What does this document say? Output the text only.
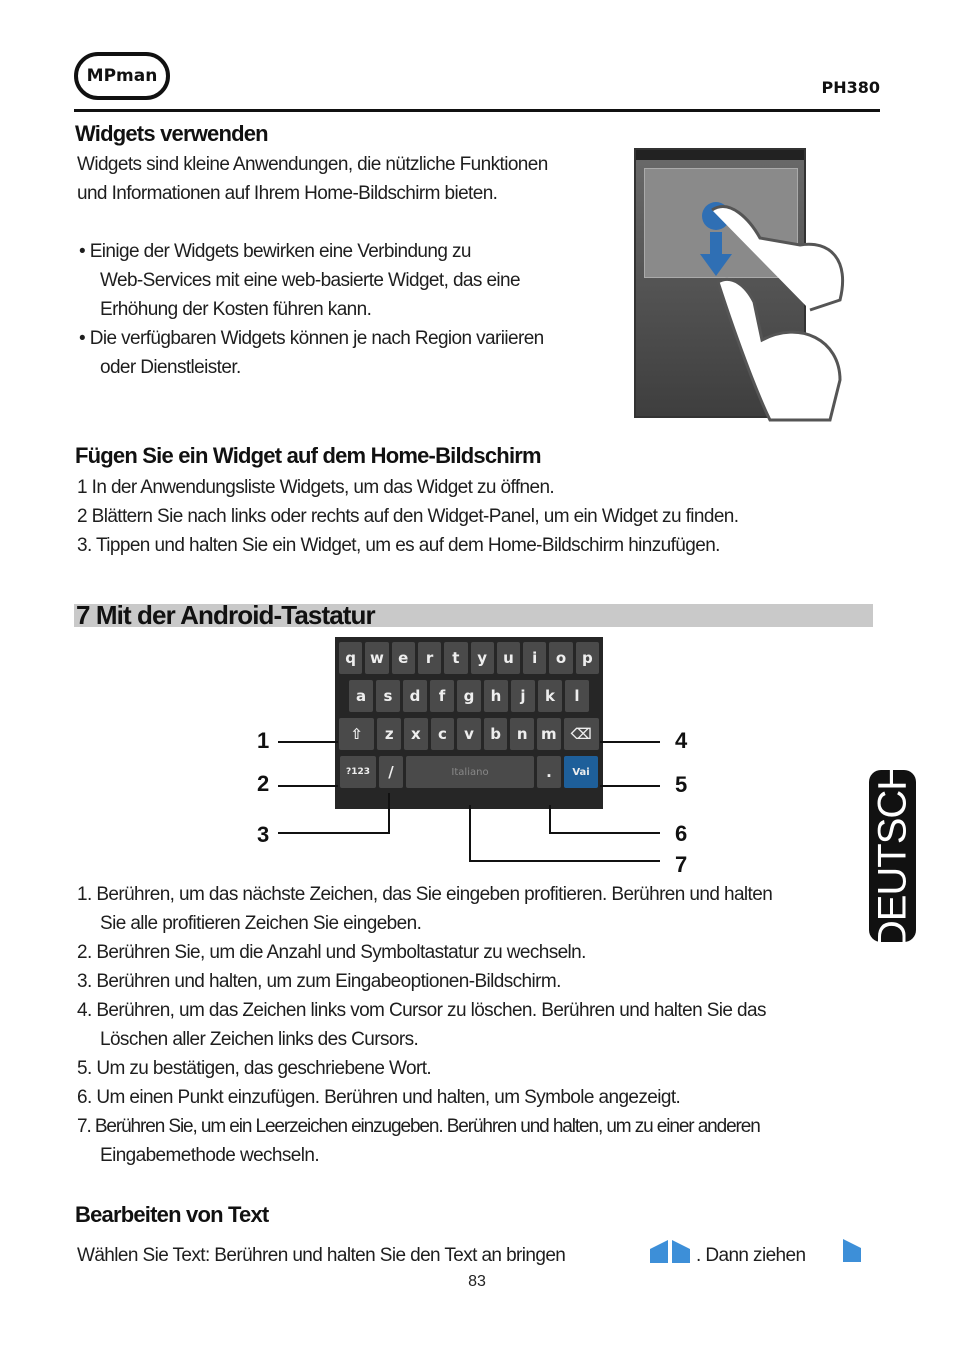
MPman
PH380
Widgets verwenden
Widgets sind kleine Anwendungen, die nützliche Funktionen
und Informationen auf Ihrem Home-Bildschirm bieten.
• Einige der Widgets bewirken eine Verbindung zu
Web-Services mit eine web-basierte Widget, das eine
Erhöhung der Kosten führen kann.
• Die verfügbaren Widgets können je nach Region variieren
oder Dienstleister.
Fügen Sie ein Widget auf dem Home-Bildschirm
1 In der Anwendungsliste Widgets, um das Widget zu öffnen.
2 Blättern Sie nach links oder rechts auf den Widget-Panel, um ein Widget zu finden.
3. Tippen und halten Sie ein Widget, um es auf dem Home-Bildschirm hinzufügen.
7 Mit der Android-Tastatur
q w e	r	t	y	u	i	o	p
a	s	d	f	g	h	j	k	l
⇧	z	x	c	v	b	n m ⌫
?123	/	Italiano	.	Vai
1
2
3
4
5
6
7	DEUTSCH
1. Berühren, um das nächste Zeichen, das Sie eingeben profitieren. Berühren und halten
Sie alle profitieren Zeichen Sie eingeben.
2. Berühren Sie, um die Anzahl und Symboltastatur zu wechseln.
3. Berühren und halten, um zum Eingabeoptionen-Bildschirm.
4. Berühren, um das Zeichen links vom Cursor zu löschen. Berühren und halten Sie das
Löschen aller Zeichen links des Cursors.
5. Um zu bestätigen, das geschriebene Wort.
6. Um einen Punkt einzufügen. Berühren und halten, um Symbole angezeigt.
7. Berühren Sie, um ein Leerzeichen einzugeben. Berühren und halten, um zu einer anderen
Eingabemethode wechseln.
Bearbeiten von Text
Wählen Sie Text: Berühren und halten Sie den Text an bringen	. Dann ziehen
83
